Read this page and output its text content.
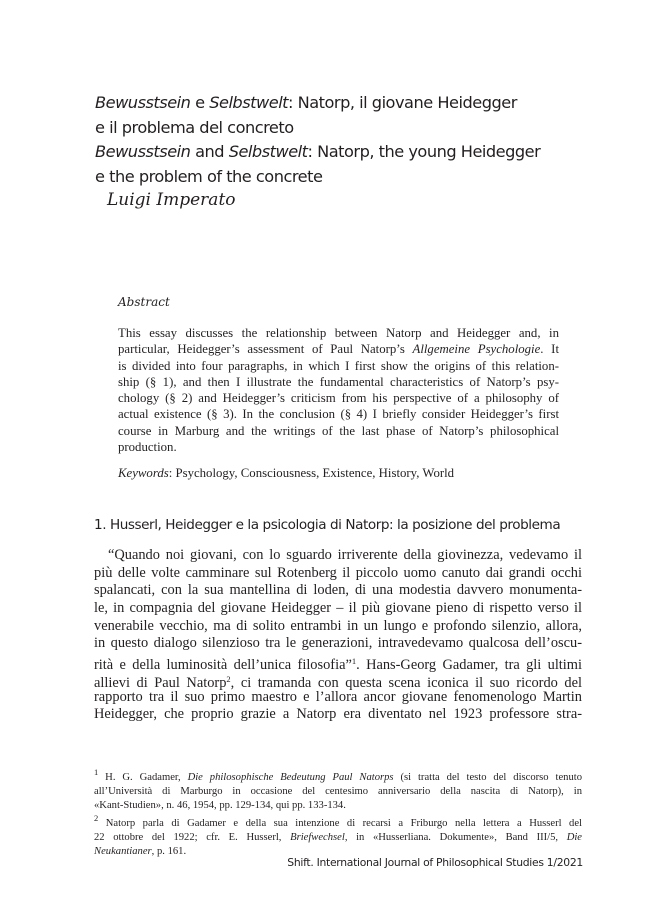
Bewusstsein e Selbstwelt: Natorp, il giovane Heidegger
e il problema del concreto
Bewusstsein and Selbstwelt: Natorp, the young Heidegger
e the problem of the concrete
Luigi Imperato
Abstract
This essay discusses the relationship between Natorp and Heidegger and, in
particular, Heidegger’s assessment of Paul Natorp’s Allgemeine Psychologie. It
is divided into four paragraphs, in which I first show the origins of this relation-
ship (§ 1), and then I illustrate the fundamental characteristics of Natorp’s psy-
chology (§ 2) and Heidegger’s criticism from his perspective of a philosophy of
actual existence (§ 3). In the conclusion (§ 4) I briefly consider Heidegger’s first
course in Marburg and the writings of the last phase of Natorp’s philosophical
production.
Keywords: Psychology, Consciousness, Existence, History, World
1. Husserl, Heidegger e la psicologia di Natorp: la posizione del problema
“Quando noi giovani, con lo sguardo irriverente della giovinezza, vedevamo il
più delle volte camminare sul Rotenberg il piccolo uomo canuto dai grandi occhi
spalancati, con la sua mantellina di loden, di una modestia davvero monumenta-
le, in compagnia del giovane Heidegger – il più giovane pieno di rispetto verso il
venerabile vecchio, ma di solito entrambi in un lungo e profondo silenzio, allora,
in questo dialogo silenzioso tra le generazioni, intravedevamo qualcosa dell’oscu-
rità e della luminosità dell’unica filosofia”$^1$. Hans-Georg Gadamer, tra gli ultimi
allievi di Paul Natorp$^2$, ci tramanda con questa scena iconica il suo ricordo del
rapporto tra il suo primo maestro e l’allora ancor giovane fenomenologo Martin
Heidegger, che proprio grazie a Natorp era diventato nel 1923 professore stra-
$^1$ H. G. Gadamer, Die philosophische Bedeutung Paul Natorps (si tratta del testo del discorso tenuto
all’Università di Marburgo in occasione del centesimo anniversario della nascita di Natorp), in
«Kant-Studien», n. 46, 1954, pp. 129-134, qui pp. 133-134.
$^2$ Natorp parla di Gadamer e della sua intenzione di recarsi a Friburgo nella lettera a Husserl del
22 ottobre del 1922; cfr. E. Husserl, Briefwechsel, in «Husserliana. Dokumente», Band III/5, Die
Neukantianer, p. 161.
Shift. International Journal of Philosophical Studies 1/2021
